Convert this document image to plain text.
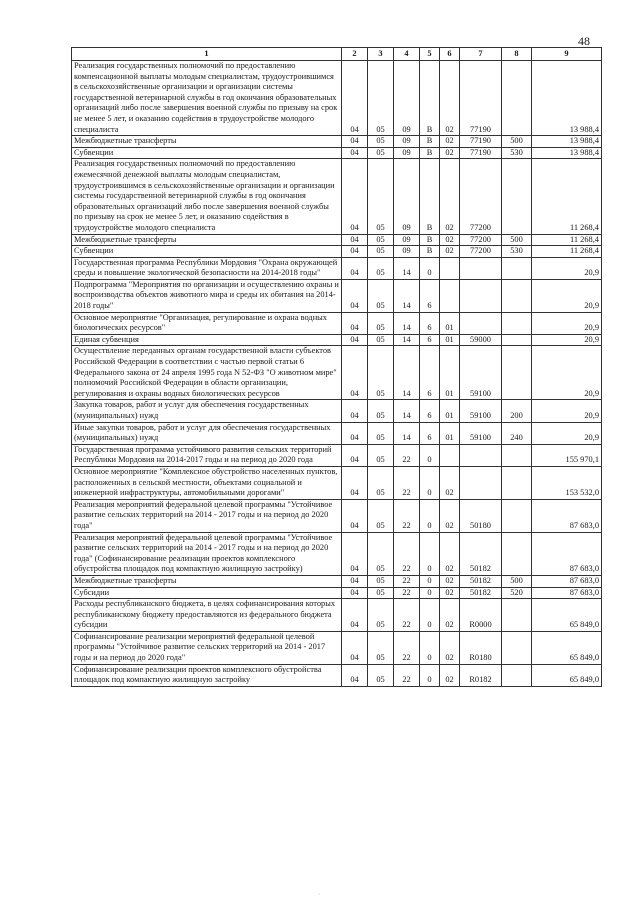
48
1	2	3	4	5	6	7	8	9
Реализация государственных полномочий по предоставлению компенсационной выплаты молодым специалистам, трудоустроившимся в сельскохозяйственные организации и организации системы государственной ветеринарной службы в год окончания образовательных организаций либо после завершения военной службы по призыву на срок не менее 5 лет, и оказанию содействия в трудоустройстве молодого специалиста	04	05	09	В	02	77190		13 988,4
Межбюджетные трансферты	04	05	09	В	02	77190	500	13 988,4
Субвенции	04	05	09	В	02	77190	530	13 988,4
Реализация государственных полномочий по предоставлению ежемесячной денежной выплаты молодым специалистам, трудоустроившимся в сельскохозяйственные организации и организации системы государственной ветеринарной службы в год окончания образовательных организаций либо после завершения военной службы по призыву на срок не менее 5 лет, и оказанию содействия в трудоустройстве молодого специалиста	04	05	09	В	02	77200		11 268,4
Межбюджетные трансферты	04	05	09	В	02	77200	500	11 268,4
Субвенции	04	05	09	В	02	77200	530	11 268,4
Государственная программа Республики Мордовия "Охрана окружающей среды и повышение экологической безопасности на 2014-2018 годы"	04	05	14	0				20,9
Подпрограмма "Мероприятия по организации и осуществлению охраны и воспроизводства объектов животного мира и среды их обитания на 2014-2018 годы"	04	05	14	6				20,9
Основное мероприятие "Организация, регулирование и охрана водных биологических ресурсов"	04	05	14	6	01			20,9
Единая субвенция	04	05	14	6	01	59000		20,9
Осуществление переданных органам государственной власти субъектов Российской Федерации в соответствии с частью первой статьи 6 Федерального закона от 24 апреля 1995 года N 52-ФЗ "О животном мире" полномочий Российской Федерации в области организации, регулирования и охраны водных биологических ресурсов	04	05	14	6	01	59100		20,9
Закупка товаров, работ и услуг для обеспечения государственных (муниципальных) нужд	04	05	14	6	01	59100	200	20,9
Иные закупки товаров, работ и услуг для обеспечения государственных (муниципальных) нужд	04	05	14	6	01	59100	240	20,9
Государственная программа устойчивого развития сельских территорий Республики Мордовия на 2014-2017 годы и на период до 2020 года	04	05	22	0				155 970,1
Основное мероприятие "Комплексное обустройство населенных пунктов, расположенных в сельской местности, объектами социальной и инженерной инфраструктуры, автомобильными дорогами"	04	05	22	0	02			153 532,0
Реализация мероприятий федеральной целевой программы "Устойчивое развитие сельских территорий на 2014 - 2017 годы и на период до 2020 года"	04	05	22	0	02	50180		87 683,0
Реализация мероприятий федеральной целевой программы "Устойчивое развитие сельских территорий на 2014 - 2017 годы и на период до 2020 года" (Софинансирование реализации проектов комплексного обустройства площадок под компактную жилищную застройку)	04	05	22	0	02	50182		87 683,0
Межбюджетные трансферты	04	05	22	0	02	50182	500	87 683,0
Субсидии	04	05	22	0	02	50182	520	87 683,0
Расходы республиканского бюджета, в целях софинансирования которых республиканскому бюджету предоставляются из федерального бюджета субсидии	04	05	22	0	02	R0000		65 849,0
Софинансирование реализации мероприятий федеральной целевой программы "Устойчивое развитие сельских территорий на 2014 - 2017 годы и на период до 2020 года"	04	05	22	0	02	R0180		65 849,0
Софинансирование реализации проектов комплексного обустройства площадок под компактную жилищную застройку	04	05	22	0	02	R0182		65 849,0
·
